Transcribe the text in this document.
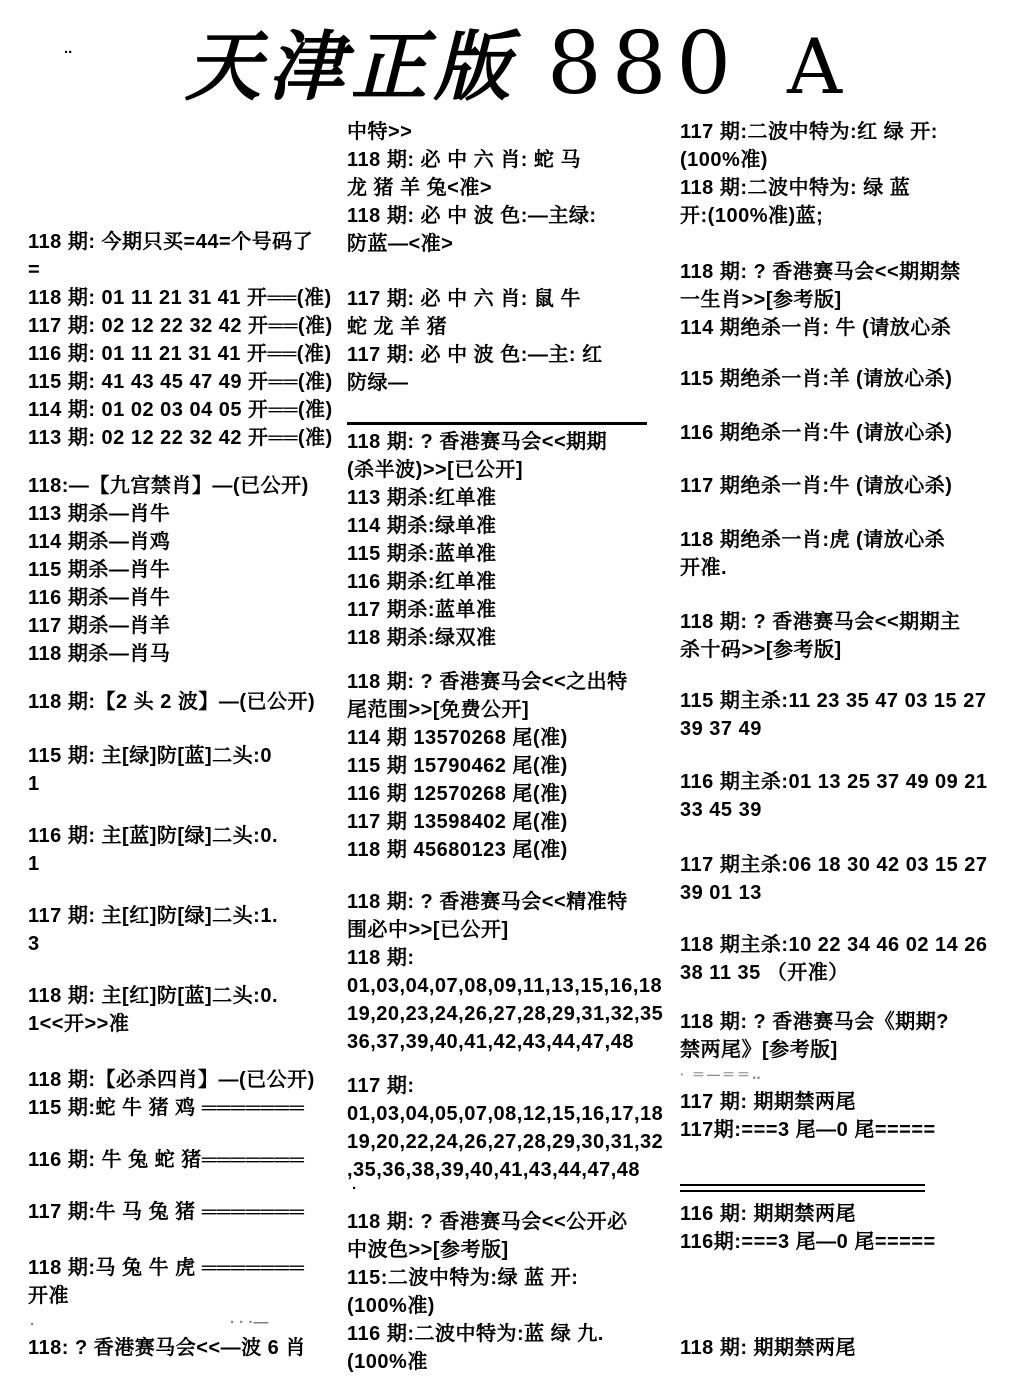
天津正版 880 A
118 期: 今期只买=44=个号码了
=
118 期: 01 11 21 31 41 开══(准)
117 期: 02 12 22 32 42 开══(准)
116 期: 01 11 21 31 41 开══(准)
115 期: 41 43 45 47 49 开══(准)
114 期: 01 02 03 04 05 开══(准)
113 期: 02 12 22 32 42 开══(准)
118:—【九宫禁肖】—(已公开)
113 期杀—肖牛
114 期杀—肖鸡
115 期杀—肖牛
116 期杀—肖牛
117 期杀—肖羊
118 期杀—肖马
118 期:【2 头 2 波】—(已公开)
115 期: 主[绿]防[蓝]二头:0
1
116 期: 主[蓝]防[绿]二头:0.
1
117 期: 主[红]防[绿]二头:1.
3
118 期: 主[红]防[蓝]二头:0.
1<<开>>准
118 期:【必杀四肖】—(已公开)
115 期:蛇 牛 猪 鸡 ═══════
116 期: 牛 兔 蛇 猪═══════
117 期:牛 马 兔 猪 ═══════
118 期:马 兔 牛 虎 ═══════
开准
118: ? 香港赛马会<<—波 6 肖
中特>>
118 期: 必 中 六 肖: 蛇 马
龙 猪 羊 兔<准>
118 期: 必 中 波 色:—主绿:
防蓝—<准>
117 期: 必 中 六 肖: 鼠 牛
蛇 龙 羊 猪
117 期: 必 中 波 色:—主: 红
防绿—
118 期: ? 香港赛马会<<期期
(杀半波)>>[已公开]
113 期杀:红单准
114 期杀:绿单准
115 期杀:蓝单准
116 期杀:红单准
117 期杀:蓝单准
118 期杀:绿双准
118 期: ? 香港赛马会<<之出特
尾范围>>[免费公开]
114 期 13570268 尾(准)
115 期 15790462 尾(准)
116 期 12570268 尾(准)
117 期 13598402 尾(准)
118 期 45680123 尾(准)
118 期: ? 香港赛马会<<精准特
围必中>>[已公开]
118 期:
01,03,04,07,08,09,11,13,15,16,18
19,20,23,24,26,27,28,29,31,32,35
36,37,39,40,41,42,43,44,47,48
117 期:
01,03,04,05,07,08,12,15,16,17,18
19,20,22,24,26,27,28,29,30,31,32
,35,36,38,39,40,41,43,44,47,48
118 期: ? 香港赛马会<<公开必
中波色>>[参考版]
115:二波中特为:绿 蓝 开:
(100%准)
116 期:二波中特为:蓝 绿 九.
(100%准
117 期:二波中特为:红 绿 开:
(100%准)
118 期:二波中特为: 绿 蓝
开:(100%准)蓝;
118 期: ? 香港赛马会<<期期禁
一生肖>>[参考版]
114 期绝杀一肖: 牛 (请放心杀
115 期绝杀一肖:羊 (请放心杀)
116 期绝杀一肖:牛 (请放心杀)
117 期绝杀一肖:牛 (请放心杀)
118 期绝杀一肖:虎 (请放心杀
开准.
118 期: ? 香港赛马会<<期期主
杀十码>>[参考版]
115 期主杀:11 23 35 47 03 15 27
39 37 49
116 期主杀:01 13 25 37 49 09 21
33 45 39
117 期主杀:06 18 30 42 03 15 27
39 01 13
118 期主杀:10 22 34 46 02 14 26
38 11 35 （开准）
118 期: ? 香港赛马会《期期?
禁两尾》[参考版]
· ＝—＝＝‥
117 期: 期期禁两尾
117期:===3 尾—0 尾=====
116 期: 期期禁两尾
116期:===3 尾—0 尾=====
118 期: 期期禁两尾
..
.
·	· · ·—
